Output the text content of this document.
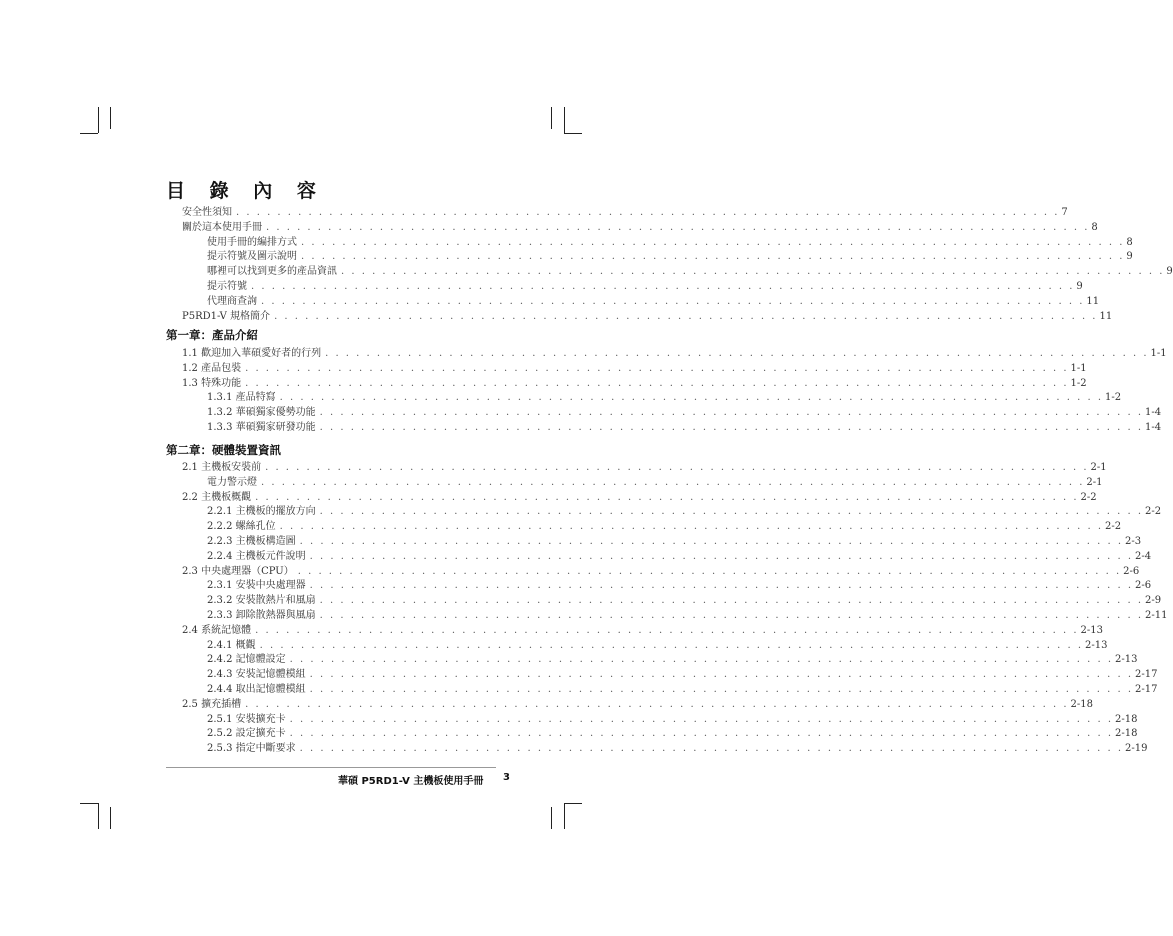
目 錄 內 容
安全性須知 . . . . . . . . . . . . . . . . . . . . . . . . . . . . . . . . . . . . . . . . . . . . . . . . . . . . . . . . . . . . . . . . . . . . . . . . . . . . . . . . 7
關於這本使用手冊 . . . . . . . . . . . . . . . . . . . . . . . . . . . . . . . . . . . . . . . . . . . . . . . . . . . . . . . . . . . . . . . . . . . . . . . . . . . . . . . . 8
使用手冊的編排方式 . . . . . . . . . . . . . . . . . . . . . . . . . . . . . . . . . . . . . . . . . . . . . . . . . . . . . . . . . . . . . . . . . . . . . . . . . . . . . . . . 8
提示符號及圖示說明 . . . . . . . . . . . . . . . . . . . . . . . . . . . . . . . . . . . . . . . . . . . . . . . . . . . . . . . . . . . . . . . . . . . . . . . . . . . . . . . . 9
哪裡可以找到更多的產品資訊 . . . . . . . . . . . . . . . . . . . . . . . . . . . . . . . . . . . . . . . . . . . . . . . . . . . . . . . . . . . . . . . . . . . . . . . . . . . . . . . . 9
提示符號 . . . . . . . . . . . . . . . . . . . . . . . . . . . . . . . . . . . . . . . . . . . . . . . . . . . . . . . . . . . . . . . . . . . . . . . . . . . . . . . . 9
代理商查詢 . . . . . . . . . . . . . . . . . . . . . . . . . . . . . . . . . . . . . . . . . . . . . . . . . . . . . . . . . . . . . . . . . . . . . . . . . . . . . . . . 11
P5RD1-V 規格簡介 . . . . . . . . . . . . . . . . . . . . . . . . . . . . . . . . . . . . . . . . . . . . . . . . . . . . . . . . . . . . . . . . . . . . . . . . . . . . . . . . 11
第一章：產品介紹
1.1 歡迎加入華碩愛好者的行列 . . . . . . . . . . . . . . . . . . . . . . . . . . . . . . . . . . . . . . . . . . . . . . . . . . . . . . . . . . . . . . . . . . . . . . . . . . . . . . . . 1-1
1.2 產品包裝 . . . . . . . . . . . . . . . . . . . . . . . . . . . . . . . . . . . . . . . . . . . . . . . . . . . . . . . . . . . . . . . . . . . . . . . . . . . . . . . . 1-1
1.3 特殊功能 . . . . . . . . . . . . . . . . . . . . . . . . . . . . . . . . . . . . . . . . . . . . . . . . . . . . . . . . . . . . . . . . . . . . . . . . . . . . . . . . 1-2
1.3.1 產品特寫 . . . . . . . . . . . . . . . . . . . . . . . . . . . . . . . . . . . . . . . . . . . . . . . . . . . . . . . . . . . . . . . . . . . . . . . . . . . . . . . . 1-2
1.3.2 華碩獨家優勢功能 . . . . . . . . . . . . . . . . . . . . . . . . . . . . . . . . . . . . . . . . . . . . . . . . . . . . . . . . . . . . . . . . . . . . . . . . . . . . . . . . 1-4
1.3.3 華碩獨家研發功能 . . . . . . . . . . . . . . . . . . . . . . . . . . . . . . . . . . . . . . . . . . . . . . . . . . . . . . . . . . . . . . . . . . . . . . . . . . . . . . . . 1-4
第二章：硬體裝置資訊
2.1 主機板安裝前 . . . . . . . . . . . . . . . . . . . . . . . . . . . . . . . . . . . . . . . . . . . . . . . . . . . . . . . . . . . . . . . . . . . . . . . . . . . . . . . . 2-1
電力警示燈 . . . . . . . . . . . . . . . . . . . . . . . . . . . . . . . . . . . . . . . . . . . . . . . . . . . . . . . . . . . . . . . . . . . . . . . . . . . . . . . . 2-1
2.2 主機板概觀 . . . . . . . . . . . . . . . . . . . . . . . . . . . . . . . . . . . . . . . . . . . . . . . . . . . . . . . . . . . . . . . . . . . . . . . . . . . . . . . . 2-2
2.2.1 主機板的擺放方向 . . . . . . . . . . . . . . . . . . . . . . . . . . . . . . . . . . . . . . . . . . . . . . . . . . . . . . . . . . . . . . . . . . . . . . . . . . . . . . . . 2-2
2.2.2 螺絲孔位 . . . . . . . . . . . . . . . . . . . . . . . . . . . . . . . . . . . . . . . . . . . . . . . . . . . . . . . . . . . . . . . . . . . . . . . . . . . . . . . . 2-2
2.2.3 主機板構造圖 . . . . . . . . . . . . . . . . . . . . . . . . . . . . . . . . . . . . . . . . . . . . . . . . . . . . . . . . . . . . . . . . . . . . . . . . . . . . . . . . 2-3
2.2.4 主機板元件說明 . . . . . . . . . . . . . . . . . . . . . . . . . . . . . . . . . . . . . . . . . . . . . . . . . . . . . . . . . . . . . . . . . . . . . . . . . . . . . . . . 2-4
2.3 中央處理器（CPU） . . . . . . . . . . . . . . . . . . . . . . . . . . . . . . . . . . . . . . . . . . . . . . . . . . . . . . . . . . . . . . . . . . . . . . . . . . . . . . . . 2-6
2.3.1 安裝中央處理器 . . . . . . . . . . . . . . . . . . . . . . . . . . . . . . . . . . . . . . . . . . . . . . . . . . . . . . . . . . . . . . . . . . . . . . . . . . . . . . . . 2-6
2.3.2 安裝散熱片和風扇 . . . . . . . . . . . . . . . . . . . . . . . . . . . . . . . . . . . . . . . . . . . . . . . . . . . . . . . . . . . . . . . . . . . . . . . . . . . . . . . . 2-9
2.3.3 卸除散熱器與風扇 . . . . . . . . . . . . . . . . . . . . . . . . . . . . . . . . . . . . . . . . . . . . . . . . . . . . . . . . . . . . . . . . . . . . . . . . . . . . . . . . 2-11
2.4 系統記憶體 . . . . . . . . . . . . . . . . . . . . . . . . . . . . . . . . . . . . . . . . . . . . . . . . . . . . . . . . . . . . . . . . . . . . . . . . . . . . . . . . 2-13
2.4.1 概觀 . . . . . . . . . . . . . . . . . . . . . . . . . . . . . . . . . . . . . . . . . . . . . . . . . . . . . . . . . . . . . . . . . . . . . . . . . . . . . . . . 2-13
2.4.2 記憶體設定 . . . . . . . . . . . . . . . . . . . . . . . . . . . . . . . . . . . . . . . . . . . . . . . . . . . . . . . . . . . . . . . . . . . . . . . . . . . . . . . . 2-13
2.4.3 安裝記憶體模組 . . . . . . . . . . . . . . . . . . . . . . . . . . . . . . . . . . . . . . . . . . . . . . . . . . . . . . . . . . . . . . . . . . . . . . . . . . . . . . . . 2-17
2.4.4 取出記憶體模組 . . . . . . . . . . . . . . . . . . . . . . . . . . . . . . . . . . . . . . . . . . . . . . . . . . . . . . . . . . . . . . . . . . . . . . . . . . . . . . . . 2-17
2.5 擴充插槽 . . . . . . . . . . . . . . . . . . . . . . . . . . . . . . . . . . . . . . . . . . . . . . . . . . . . . . . . . . . . . . . . . . . . . . . . . . . . . . . . 2-18
2.5.1 安裝擴充卡 . . . . . . . . . . . . . . . . . . . . . . . . . . . . . . . . . . . . . . . . . . . . . . . . . . . . . . . . . . . . . . . . . . . . . . . . . . . . . . . . 2-18
2.5.2 設定擴充卡 . . . . . . . . . . . . . . . . . . . . . . . . . . . . . . . . . . . . . . . . . . . . . . . . . . . . . . . . . . . . . . . . . . . . . . . . . . . . . . . . 2-18
2.5.3 指定中斷要求 . . . . . . . . . . . . . . . . . . . . . . . . . . . . . . . . . . . . . . . . . . . . . . . . . . . . . . . . . . . . . . . . . . . . . . . . . . . . . . . . 2-19
華碩 P5RD1-V 主機板使用手冊 3
